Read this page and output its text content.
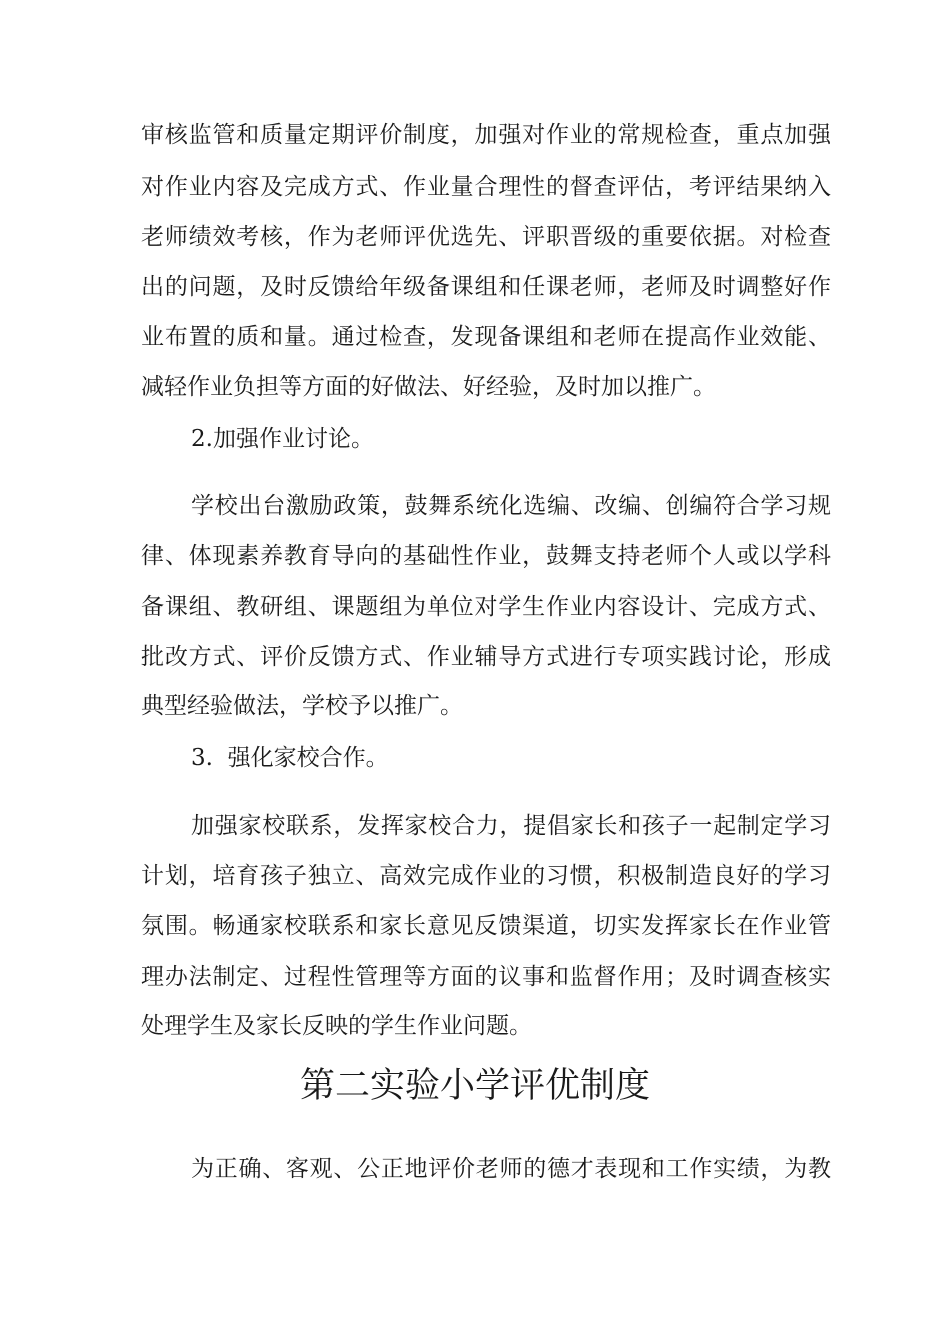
审核监管和质量定期评价制度，加强对作业的常规检查，重点加强
对作业内容及完成方式、作业量合理性的督查评估，考评结果纳入
老师绩效考核，作为老师评优选先、评职晋级的重要依据。对检查
出的问题，及时反馈给年级备课组和任课老师，老师及时调整好作
业布置的质和量。通过检查，发现备课组和老师在提高作业效能、
减轻作业负担等方面的好做法、好经验，及时加以推广。
2.加强作业讨论。
学校出台激励政策，鼓舞系统化选编、改编、创编符合学习规
律、体现素养教育导向的基础性作业，鼓舞支持老师个人或以学科
备课组、教研组、课题组为单位对学生作业内容设计、完成方式、
批改方式、评价反馈方式、作业辅导方式进行专项实践讨论，形成
典型经验做法，学校予以推广。
3.  强化家校合作。
加强家校联系，发挥家校合力，提倡家长和孩子一起制定学习
计划，培育孩子独立、高效完成作业的习惯，积极制造良好的学习
氛围。畅通家校联系和家长意见反馈渠道，切实发挥家长在作业管
理办法制定、过程性管理等方面的议事和监督作用；及时调查核实
处理学生及家长反映的学生作业问题。
第二实验小学评优制度
为正确、客观、公正地评价老师的德才表现和工作实绩，为教
